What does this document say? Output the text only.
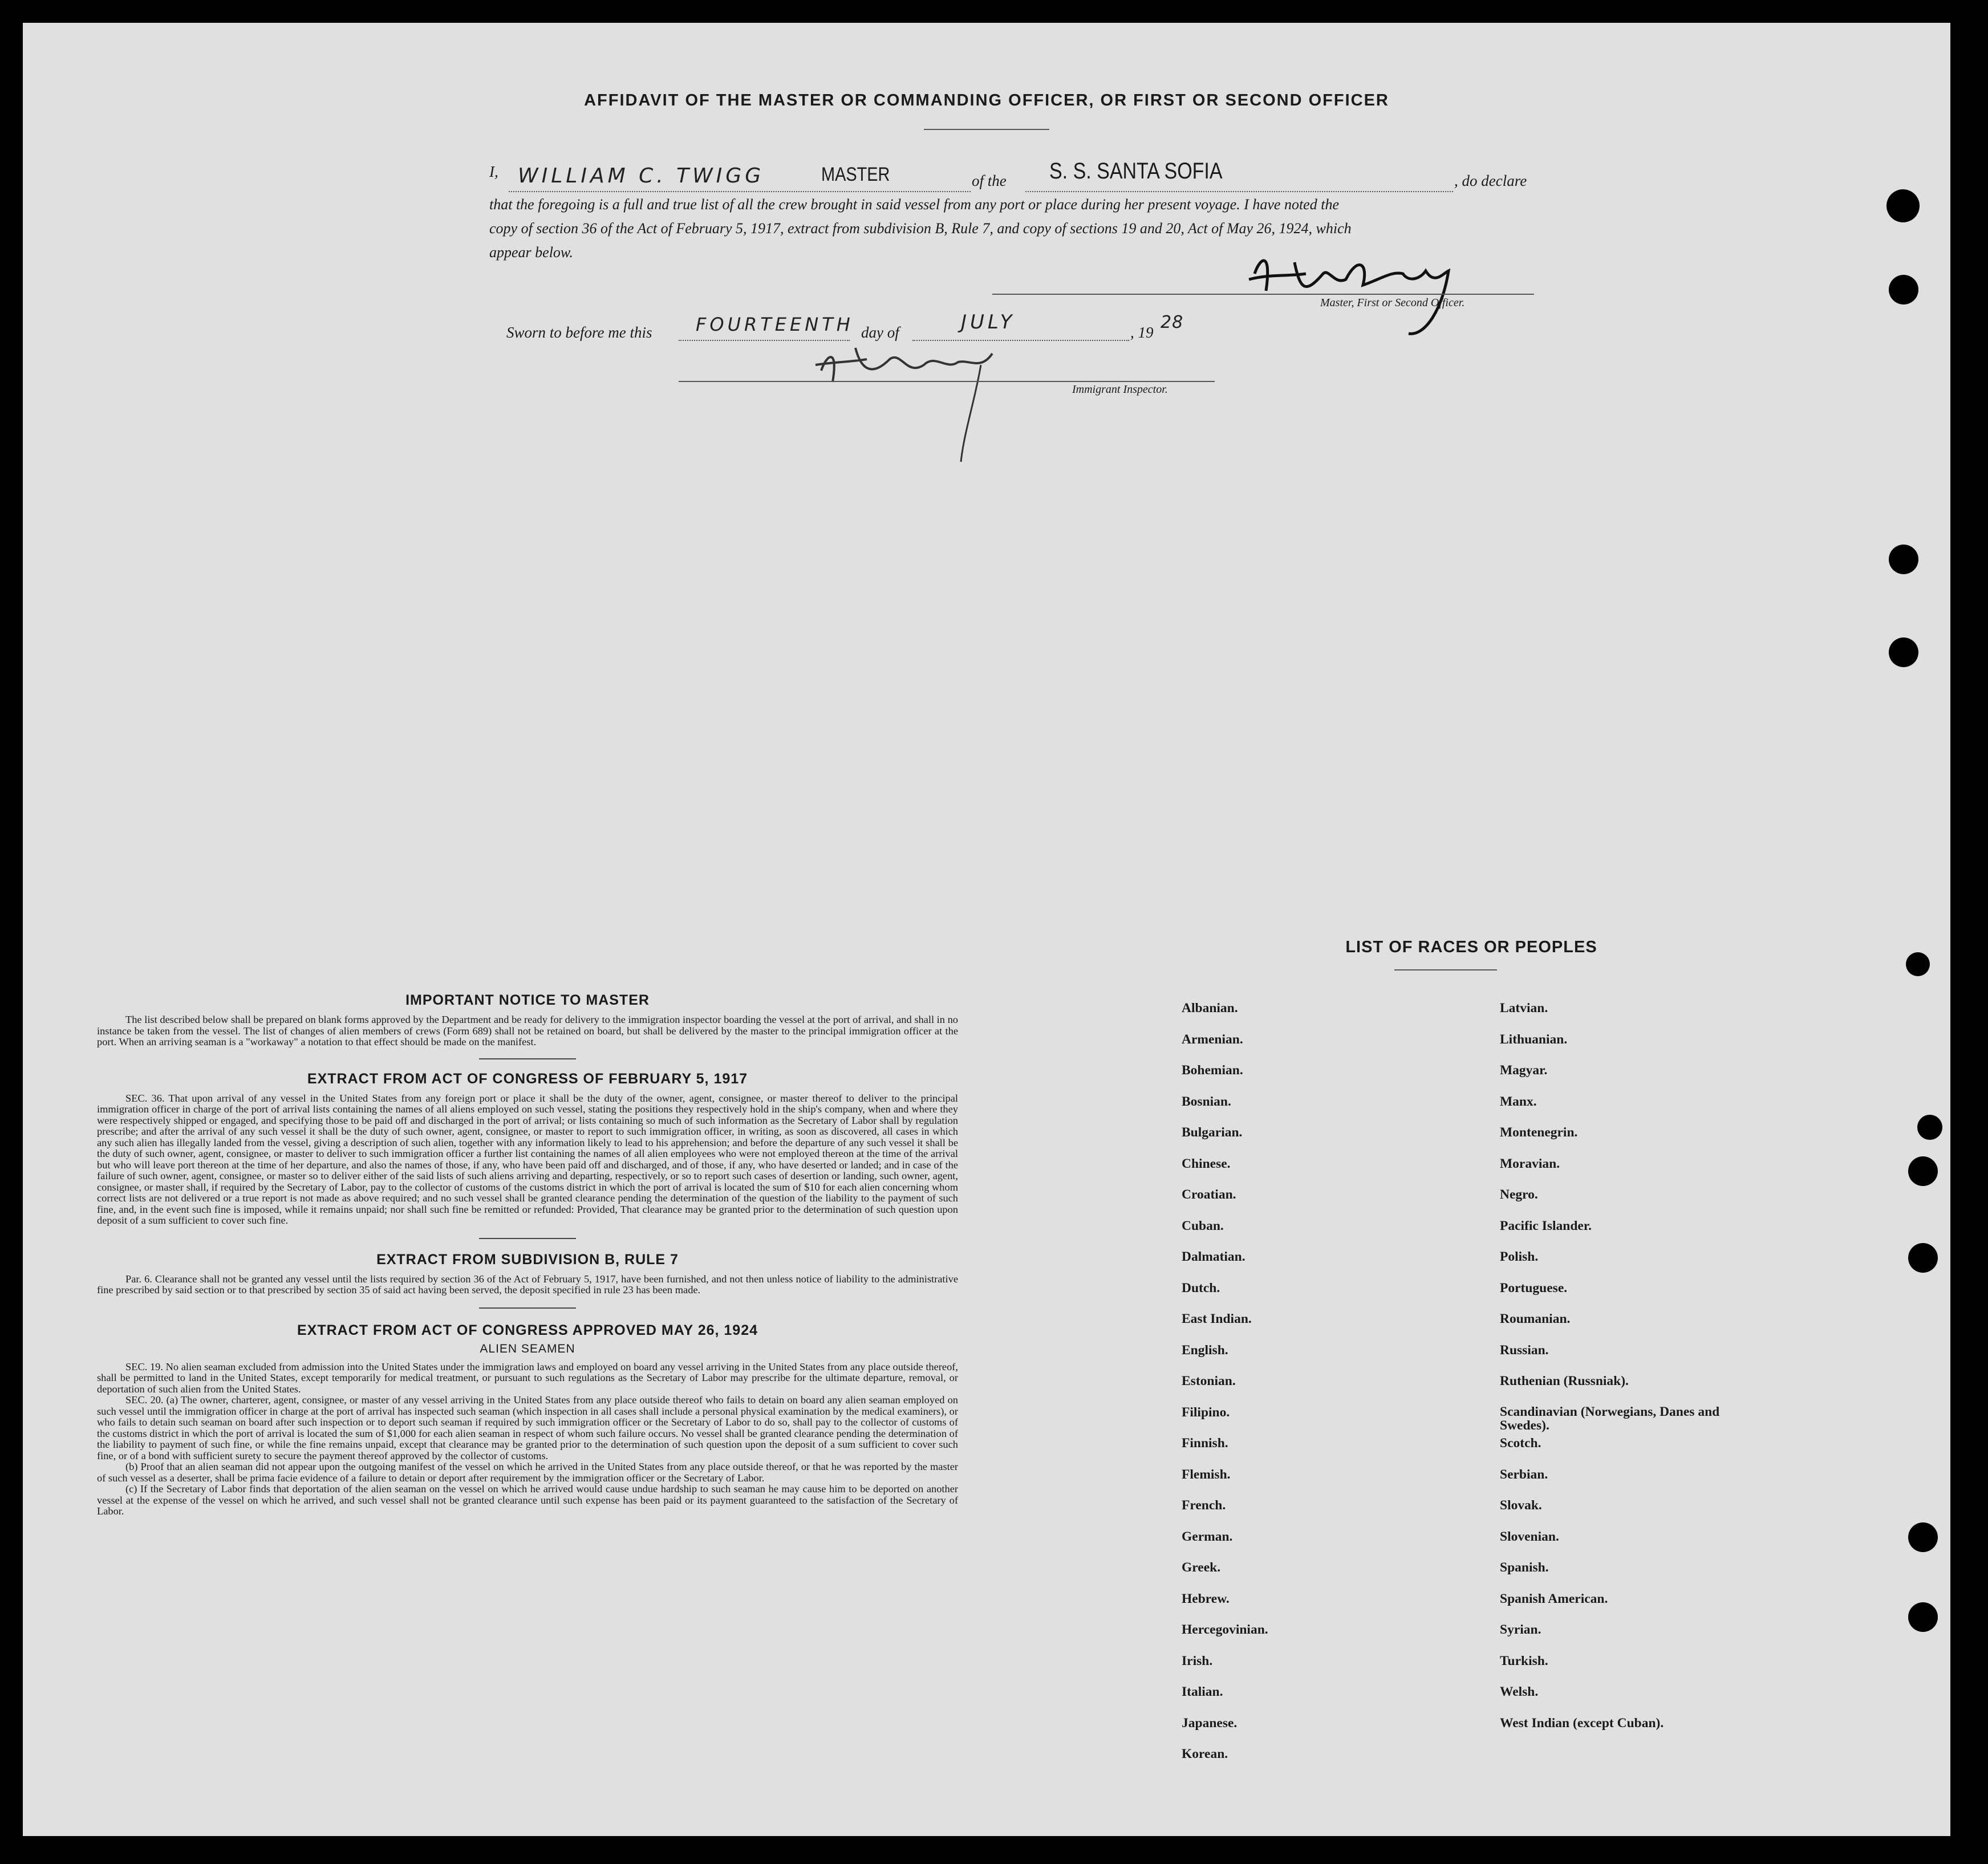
AFFIDAVIT OF THE MASTER OR COMMANDING OFFICER, OR FIRST OR SECOND OFFICER
I, WILLIAM C. TWIGG	MASTER	of the S. S. SANTA SOFIA	, do declare
that the foregoing is a full and true list of all the crew brought in said vessel from any port or place during her present voyage. I have noted the
copy of section 36 of the Act of February 5, 1917, extract from subdivision B, Rule 7, and copy of sections 19 and 20, Act of May 26, 1924, which
appear below.
Master, First or Second Officer.
Sworn to before me this FOURTEENTH day of	JULY	, 19 28
Immigrant Inspector.
IMPORTANT NOTICE TO MASTER

The list described below shall be prepared on blank forms approved by the Department and be ready for delivery to the immigration inspector boarding the vessel at the port of arrival, and shall in no instance be taken from the vessel. The list of changes of alien members of crews (Form 689) shall not be retained on board, but shall be delivered by the master to the principal immigration officer at the port. When an arriving seaman is a "workaway" a notation to that effect should be made on the manifest.

EXTRACT FROM ACT OF CONGRESS OF FEBRUARY 5, 1917

SEC. 36. That upon arrival of any vessel in the United States from any foreign port or place it shall be the duty of the owner, agent, consignee, or master thereof to deliver to the principal immigration officer in charge of the port of arrival lists containing the names of all aliens employed on such vessel, stating the positions they respectively hold in the ship's company, when and where they were respectively shipped or engaged, and specifying those to be paid off and discharged in the port of arrival; or lists containing so much of such information as the Secretary of Labor shall by regulation prescribe; and after the arrival of any such vessel it shall be the duty of such owner, agent, consignee, or master to report to such immigration officer, in writing, as soon as discovered, all cases in which any such alien has illegally landed from the vessel, giving a description of such alien, together with any information likely to lead to his apprehension; and before the departure of any such vessel it shall be the duty of such owner, agent, consignee, or master to deliver to such immigration officer a further list containing the names of all alien employees who were not employed thereon at the time of the arrival but who will leave port thereon at the time of her departure, and also the names of those, if any, who have been paid off and discharged, and of those, if any, who have deserted or landed; and in case of the failure of such owner, agent, consignee, or master so to deliver either of the said lists of such aliens arriving and departing, respectively, or so to report such cases of desertion or landing, such owner, agent, consignee, or master shall, if required by the Secretary of Labor, pay to the collector of customs of the customs district in which the port of arrival is located the sum of $10 for each alien concerning whom correct lists are not delivered or a true report is not made as above required; and no such vessel shall be granted clearance pending the determination of the question of the liability to the payment of such fine, and, in the event such fine is imposed, while it remains unpaid; nor shall such fine be remitted or refunded: Provided, That clearance may be granted prior to the determination of such question upon deposit of a sum sufficient to cover such fine.

EXTRACT FROM SUBDIVISION B, RULE 7

Par. 6. Clearance shall not be granted any vessel until the lists required by section 36 of the Act of February 5, 1917, have been furnished, and not then unless notice of liability to the administrative fine prescribed by said section or to that prescribed by section 35 of said act having been served, the deposit specified in rule 23 has been made.

EXTRACT FROM ACT OF CONGRESS APPROVED MAY 26, 1924
ALIEN SEAMEN

SEC. 19. No alien seaman excluded from admission into the United States under the immigration laws and employed on board any vessel arriving in the United States from any place outside thereof, shall be permitted to land in the United States, except temporarily for medical treatment, or pursuant to such regulations as the Secretary of Labor may prescribe for the ultimate departure, removal, or deportation of such alien from the United States.

SEC. 20. (a) The owner, charterer, agent, consignee, or master of any vessel arriving in the United States from any place outside thereof who fails to detain on board any alien seaman employed on such vessel until the immigration officer in charge at the port of arrival has inspected such seaman (which inspection in all cases shall include a personal physical examination by the medical examiners), or who fails to detain such seaman on board after such inspection or to deport such seaman if required by such immigration officer or the Secretary of Labor to do so, shall pay to the collector of customs of the customs district in which the port of arrival is located the sum of $1,000 for each alien seaman in respect of whom such failure occurs. No vessel shall be granted clearance pending the determination of the liability to payment of such fine, or while the fine remains unpaid, except that clearance may be granted prior to the determination of such question upon the deposit of a sum sufficient to cover such fine, or of a bond with sufficient surety to secure the payment thereof approved by the collector of customs.

(b) Proof that an alien seaman did not appear upon the outgoing manifest of the vessel on which he arrived in the United States from any place outside thereof, or that he was reported by the master of such vessel as a deserter, shall be prima facie evidence of a failure to detain or deport after requirement by the immigration officer or the Secretary of Labor.

(c) If the Secretary of Labor finds that deportation of the alien seaman on the vessel on which he arrived would cause undue hardship to such seaman he may cause him to be deported on another vessel at the expense of the vessel on which he arrived, and such vessel shall not be granted clearance until such expense has been paid or its payment guaranteed to the satisfaction of the Secretary of Labor.

LIST OF RACES OR PEOPLES
Albanian.
Armenian.
Bohemian.
Bosnian.
Bulgarian.
Chinese.
Croatian.
Cuban.
Dalmatian.
Dutch.
East Indian.
English.
Estonian.
Filipino.
Finnish.
Flemish.
French.
German.
Greek.
Hebrew.
Hercegovinian.
Irish.
Italian.
Japanese.
Korean.
Latvian.
Lithuanian.
Magyar.
Manx.
Montenegrin.
Moravian.
Negro.
Pacific Islander.
Polish.
Portuguese.
Roumanian.
Russian.
Ruthenian (Russniak).
Scandinavian (Norwegians, Danes and Swedes).
Scotch.
Serbian.
Slovak.
Slovenian.
Spanish.
Spanish American.
Syrian.
Turkish.
Welsh.
West Indian (except Cuban).
